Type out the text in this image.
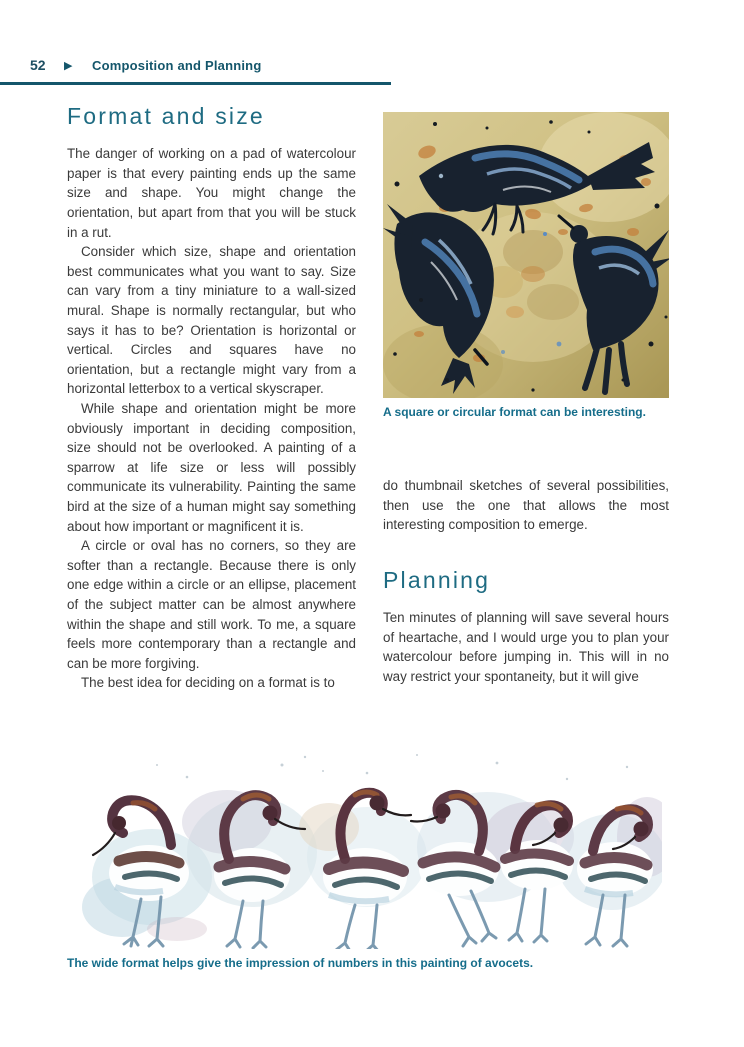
52 ▶ Composition and Planning
Format and size

The danger of working on a pad of watercolour paper is that every painting ends up the same size and shape. You might change the orientation, but apart from that you will be stuck in a rut.

Consider which size, shape and orientation best communicates what you want to say. Size can vary from a tiny miniature to a wall-sized mural. Shape is normally rectangular, but who says it has to be? Orientation is horizontal or vertical. Circles and squares have no orientation, but a rectangle might vary from a horizontal letterbox to a vertical skyscraper.

While shape and orientation might be more obviously important in deciding composition, size should not be overlooked. A painting of a sparrow at life size or less will possibly communicate its vulnerability. Painting the same bird at the size of a human might say something about how important or magnificent it is.

A circle or oval has no corners, so they are softer than a rectangle. Because there is only one edge within a circle or an ellipse, placement of the subject matter can be almost anywhere within the shape and still work. To me, a square feels more contemporary than a rectangle and can be more forgiving.

The best idea for deciding on a format is to

A square or circular format can be interesting.

do thumbnail sketches of several possibilities, then use the one that allows the most interesting composition to emerge.

Planning

Ten minutes of planning will save several hours of heartache, and I would urge you to plan your watercolour before jumping in. This will in no way restrict your spontaneity, but it will give

The wide format helps give the impression of numbers in this painting of avocets.
